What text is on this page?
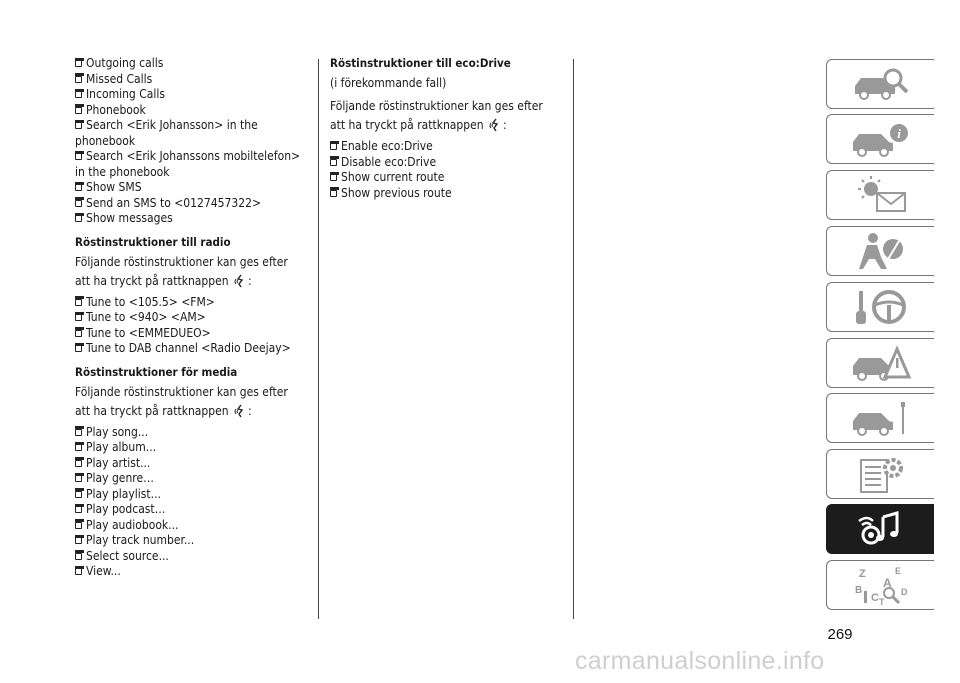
Outgoing calls
Missed Calls
Incoming Calls
Phonebook
Search <Erik Johansson> in the phonebook
Search <Erik Johanssons mobiltelefon> in the phonebook
Show SMS
Send an SMS to <0127457322>
Show messages
Röstinstruktioner till radio
Följande röstinstruktioner kan ges efter
att ha tryckt på rattknappen :
Tune to <105.5> <FM>
Tune to <940> <AM>
Tune to <EMMEDUEO>
Tune to DAB channel <Radio Deejay>
Röstinstruktioner för media
Följande röstinstruktioner kan ges efter
att ha tryckt på rattknappen :
Play song...
Play album...
Play artist...
Play genre…
Play playlist...
Play podcast…
Play audiobook...
Play track number...
Select source...
View...
Röstinstruktioner till eco:Drive
(i förekommande fall)
Följande röstinstruktioner kan ges efter
att ha tryckt på rattknappen :
Enable eco:Drive
Disable eco:Drive
Show current route
Show previous route
i
Z	E
A
B
C D
T
269
carmanualsonline.info
